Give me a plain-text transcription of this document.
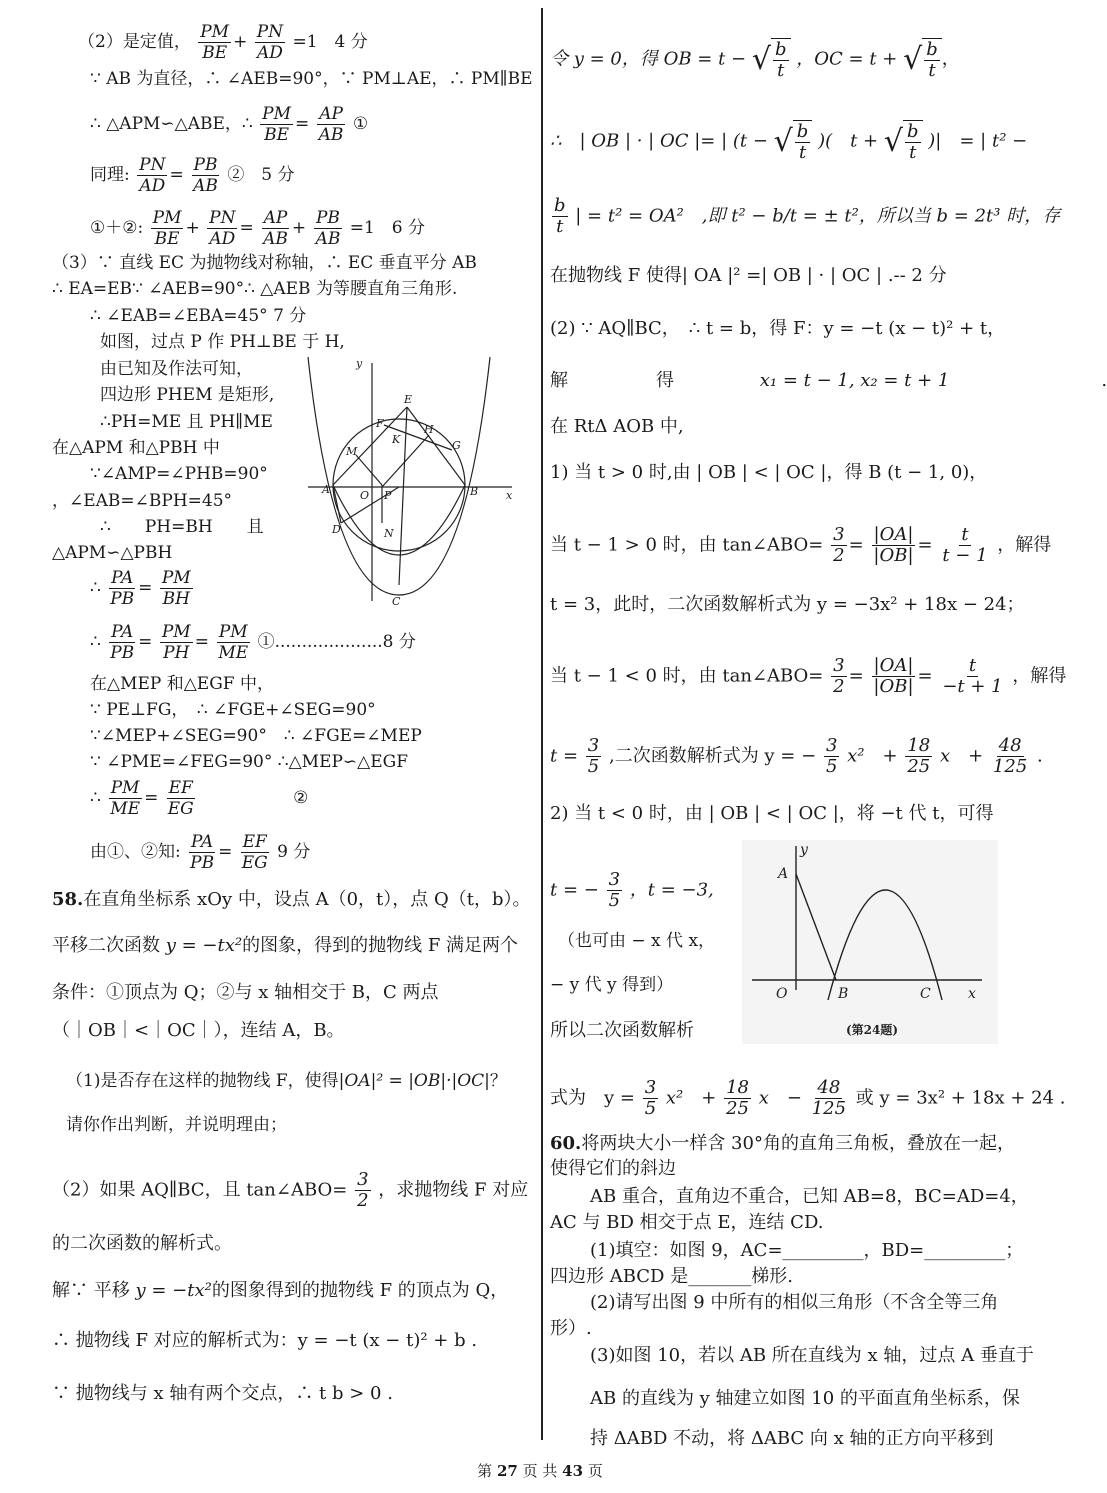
（2）是定值， $\frac{PM}{BE} + \frac{PN}{AD} =1$　4 分
∵ AB 为直径，∴ ∠AEB=90°，∵ PM⊥AE，∴ PM∥BE
∴ △APM∽△ABE，∴ $\frac{PM}{BE} = \frac{AP}{AB}$ ①
同理: $\frac{PN}{AD} = \frac{PB}{AB}$ ②　5 分
①＋②: $\frac{PM}{BE} + \frac{PN}{AD} = \frac{AP}{AB} + \frac{PB}{AB} =1$　6 分
（3）∵ 直线 EC 为抛物线对称轴，∴ EC 垂直平分 AB
∴ EA=EB∵ ∠AEB=90°∴ △AEB 为等腰直角三角形.
∴ ∠EAB=∠EBA=45° 7 分
如图，过点 P 作 PH⊥BE 于 H,
由已知及作法可知，
四边形 PHEM 是矩形,
∴PH=ME 且 PH∥ME
在△APM 和△PBH 中
∵∠AMP=∠PHB=90°
，∠EAB=∠BPH=45°
∴　　PH=BH　　且
△APM∽△PBH
∴ $\frac{PA}{PB} = \frac{PM}{BH}$
∴ $\frac{PA}{PB} = \frac{PM}{PH} = \frac{PM}{ME}$ ①....................8 分
在△MEP 和△EGF 中，
∵ PE⊥FG，　∴ ∠FGE+∠SEG=90°
∵∠MEP+∠SEG=90°　∴ ∠FGE=∠MEP
∵ ∠PME=∠FEG=90° ∴△MEP∽△EGF
∴ $\frac{PM}{ME} = \frac{EF}{EG}$	②
由①、②知: $\frac{PA}{PB} = \frac{EF}{EG} 9$ 分
58.在直角坐标系 xOy 中，设点 A（0，t），点 Q（t，b）。
平移二次函数 y = −tx²的图象，得到的抛物线 F 满足两个
条件：①顶点为 Q；②与 x 轴相交于 B，C 两点
（｜OB｜<｜OC｜），连结 A，B。
（1)是否存在这样的抛物线 F，使得|OA|² = |OB|·|OC|？
请你作出判断，并说明理由；
（2）如果 AQ∥BC，且 tan∠ABO= $\frac{3}{2}$ ，求抛物线 F 对应
的二次函数的解析式。
解∵ 平移 y = −tx²的图象得到的抛物线 F 的顶点为 Q，
∴ 抛物线 F 对应的解析式为：y = −t (x − t)² + b .
∵ 抛物线与 x 轴有两个交点，∴ t b > 0 .
y
x
E
F	H
G
M
K
A	O P	B
D	N
C
令 y = 0，得 OB = t − √ $\frac{b}{t}$ ，OC = t + √ $\frac{b}{t}$ ，
∴　| OB | · | OC |= | (t − √ $\frac{b}{t}$ )(　t + √ $\frac{b}{t}$ )|　= | t² −
$\frac{b}{t}$ | = t² = OA²　,即 t² − b/t = ± t²，所以当 b = 2t³ 时，存
在抛物线 F 使得| OA |² =| OB | · | OC | .-- 2 分
(2) ∵ AQ∥BC，　∴ t = b，得 F：y = −t (x − t)² + t，
解	得	x₁ = t − 1, x₂ = t + 1	.
在 RtΔ AOB 中,
1) 当 t > 0 时,由 | OB | < | OC |，得 B (t − 1, 0)，
当 t − 1 > 0 时，由 tan∠ABO= $\frac{3}{2} = \frac{|OA|}{|OB|} = \frac{t}{t - 1}$ ，解得
t = 3，此时，二次函数解析式为 y = −3x² + 18x − 24；
当 t − 1 < 0 时，由 tan∠ABO= $\frac{3}{2} = \frac{|OA|}{|OB|} = \frac{t}{-t + 1}$ ，解得
$t = \frac{3}{5}$ ,二次函数解析式为 y = − $\frac{3}{5} x^2$　+ $\frac{18}{25}$ x　+ $\frac{48}{125}$ .
2) 当 t < 0 时，由 | OB | < | OC |，将 −t 代 t，可得
t = − $\frac{3}{5}$ ，t = −3,
（也可由 − x 代 x，
− y 代 y 得到）
所以二次函数解析
式为　$y = \frac{3}{5} x^2$　+ $\frac{18}{25}$ x　− $\frac{48}{125}$ 或 y = 3x² + 18x + 24 .
60.将两块大小一样含 30°角的直角三角板，叠放在一起，
使得它们的斜边
AB 重合，直角边不重合，已知 AB=8，BC=AD=4，
AC 与 BD 相交于点 E，连结 CD.
(1)填空：如图 9，AC=_________，BD=_________；
四边形 ABCD 是_______梯形.
(2)请写出图 9 中所有的相似三角形（不含全等三角
形）.
(3)如图 10，若以 AB 所在直线为 x 轴，过点 A 垂直于
AB 的直线为 y 轴建立如图 10 的平面直角坐标系，保
持 ΔABD 不动，将 ΔABC 向 x 轴的正方向平移到
y
A
O	B	C	x
(第24题)
第 27 页 共 43 页
